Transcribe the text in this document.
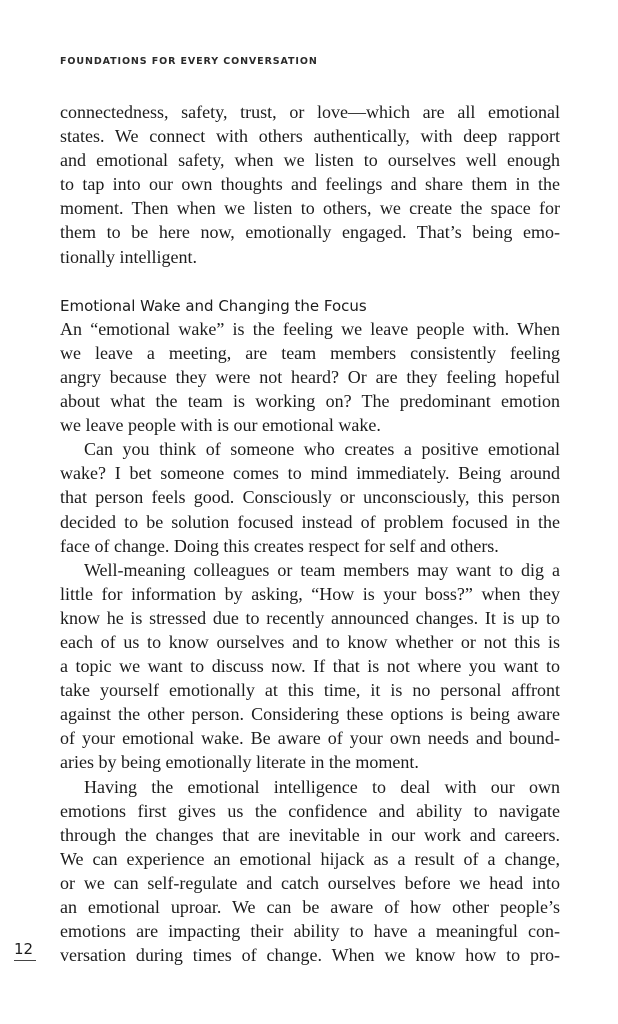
FOUNDATIONS FOR EVERY CONVERSATION
connectedness, safety, trust, or love—which are all emotional
states. We connect with others authentically, with deep rapport
and emotional safety, when we listen to ourselves well enough
to tap into our own thoughts and feelings and share them in the
moment. Then when we listen to others, we create the space for
them to be here now, emotionally engaged. That’s being emo-
tionally intelligent.
Emotional Wake and Changing the Focus
An “emotional wake” is the feeling we leave people with. When
we leave a meeting, are team members consistently feeling
angry because they were not heard? Or are they feeling hopeful
about what the team is working on? The predominant emotion
we leave people with is our emotional wake.
Can you think of someone who creates a positive emotional
wake? I bet someone comes to mind immediately. Being around
that person feels good. Consciously or unconsciously, this person
decided to be solution focused instead of problem focused in the
face of change. Doing this creates respect for self and others.
Well-meaning colleagues or team members may want to dig a
little for information by asking, “How is your boss?” when they
know he is stressed due to recently announced changes. It is up to
each of us to know ourselves and to know whether or not this is
a topic we want to discuss now. If that is not where you want to
take yourself emotionally at this time, it is no personal affront
against the other person. Considering these options is being aware
of your emotional wake. Be aware of your own needs and bound-
aries by being emotionally literate in the moment.
Having the emotional intelligence to deal with our own
emotions first gives us the confidence and ability to navigate
through the changes that are inevitable in our work and careers.
We can experience an emotional hijack as a result of a change,
or we can self-regulate and catch ourselves before we head into
an emotional uproar. We can be aware of how other people’s
emotions are impacting their ability to have a meaningful con-
versation during times of change. When we know how to pro-
12
